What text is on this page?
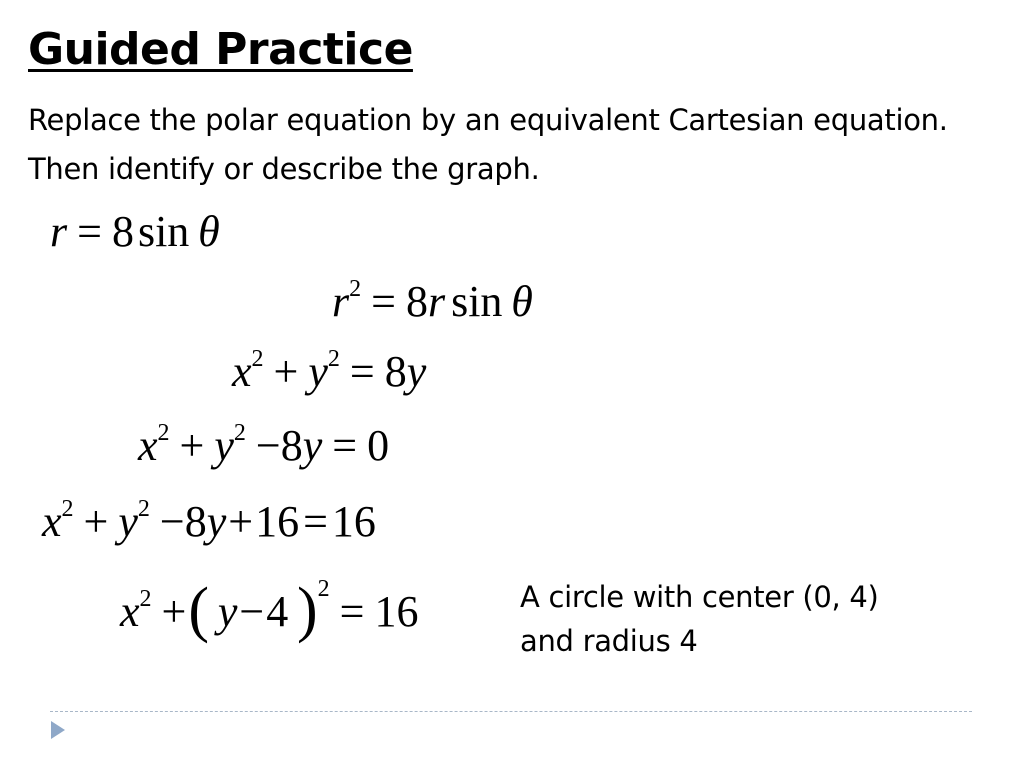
Guided Practice
Replace the polar equation by an equivalent Cartesian equation. Then identify or describe the graph.
r = 8sin  θ
$r^2 = 8r$ sin  θ
$x^2 + y^2 = 8y$
$x^2 + y^2 -8y = 0$
$x^2 + y^2 -8y+16=16$
$x^2$ +(  y−4  )$^2$ = 16	A circle with center (0, 4)
and radius 4
